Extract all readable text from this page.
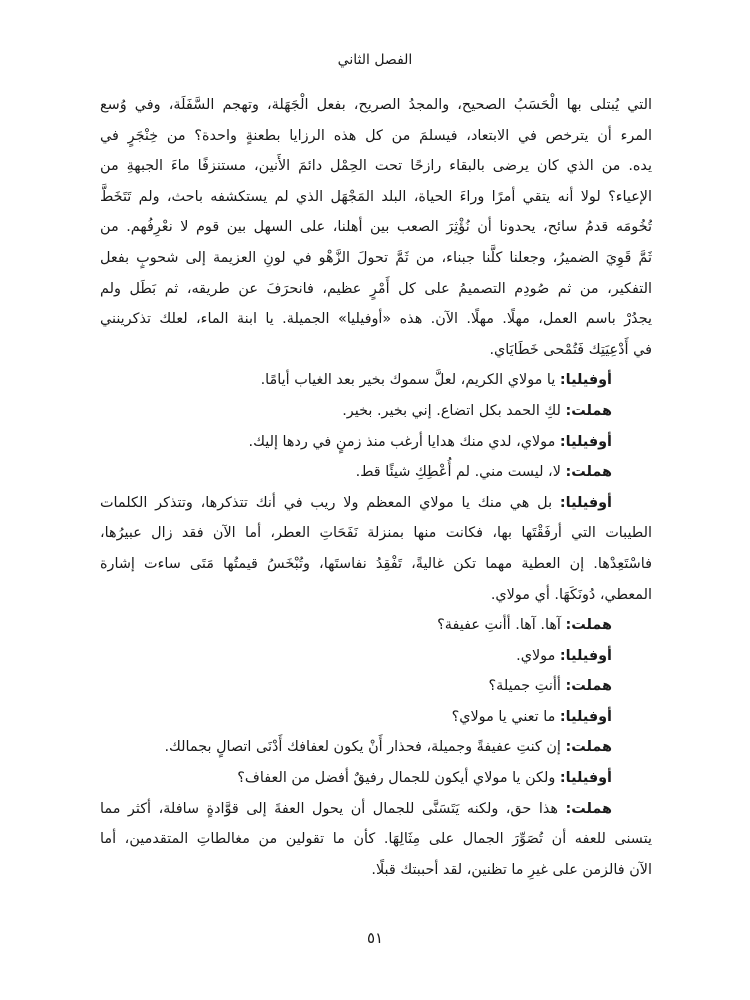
الفصل الثاني
التي يُبتلى بها الْحَسَبُ الصحيح، والمجدُ الصريح، بفعل الْجَهَلة، وتهجم السَّفَلَة، وفي وُسع
المرء أن يترخص في الابتعاد، فيسلمَ من كل هذه الرزايا بطعنةٍ واحدة؟ من خِنْجَرٍ في
يده. من الذي كان يرضى بالبقاء رازحًا تحت الحِمْل دائمَ الأَنين، مستنزفًا ماءَ الجبهةِ من
الإعياء؟ لولا أنه يتقي أمرًا وراءَ الحياة، البلد المَجْهَل الذي لم يستكشفه باحث، ولم تَتَخَطَّ
تُخُومَه قدمُ سائح، يحدونا أن نُؤْثِرَ الصعب بين أهلنا، على السهل بين قوم لا نعْرِفُهم. من
ثَمَّ قَوِيَ الضميرُ، وجعلنا كلَّنا جبناء، من ثَمَّ تحولَ الزَّهْو في لونِ العزيمة إلى شحوبٍ بفعل
التفكير، من ثم صُودِم التصميمُ على كل أَمْرٍ عظيم، فانحرَفَ عن طريقه، ثم بَطَل ولم
يجدُرْ باسم العمل، مهلًا. مهلًا. الآن. هذه «أوفيليا» الجميلة. يا ابنة الماء، لعلك تذكرينني
في أَدْعِيَتِك فَتُمْحى خَطَايَاي.
أوفيليا: يا مولاي الكريم، لعلَّ سموك بخير بعد الغياب أيامًا.
هملت: لكِ الحمد بكل اتضاع. إني بخير. بخير.
أوفيليا: مولاي، لدي منك هدايا أرغب منذ زمنٍ في ردها إليك.
هملت: لا، ليست مني. لم أُعْطِكِ شيئًا قط.
أوفيليا: بل هي منك يا مولاي المعظم ولا ريب في أنك تتذكرها، وتتذكر الكلمات
الطيبات التي أرفَقْتَها بها، فكانت منها بمنزلة نَفَحَاتِ العطر، أما الآن فقد زال عبيرُها،
فاسْتَعِدْها. إن العطية مهما تكن غاليةً، تَفْقِدُ نفاستَها، وتُبْخَسُ قيمتُها مَتَى ساءت إشارة
المعطي، دُونَكَهَا. أي مولاي.
هملت: آها. آها. أأنتِ عفيفة؟
أوفيليا: مولاي.
هملت: أأنتِ جميلة؟
أوفيليا: ما تعني يا مولاي؟
هملت: إن كنتِ عفيفةً وجميلة، فحذار أَنْ يكون لعفافك أَدْنَى اتصالٍ بجمالك.
أوفيليا: ولكن يا مولاي أيكون للجمال رفيقٌ أفضل من العفاف؟
هملت: هذا حق، ولكنه يَتَسَنَّى للجمال أن يحول العفةَ إلى قوَّادةٍ سافلة، أكثر مما
يتسنى للعفه أن تُصَوِّرَ الجمال على مِثَالِهَا. كأن ما تقولين من مغالطاتِ المتقدمين، أما
الآن فالزمن على غيرِ ما تظنين، لقد أحببتك قبلًا.
٥١
